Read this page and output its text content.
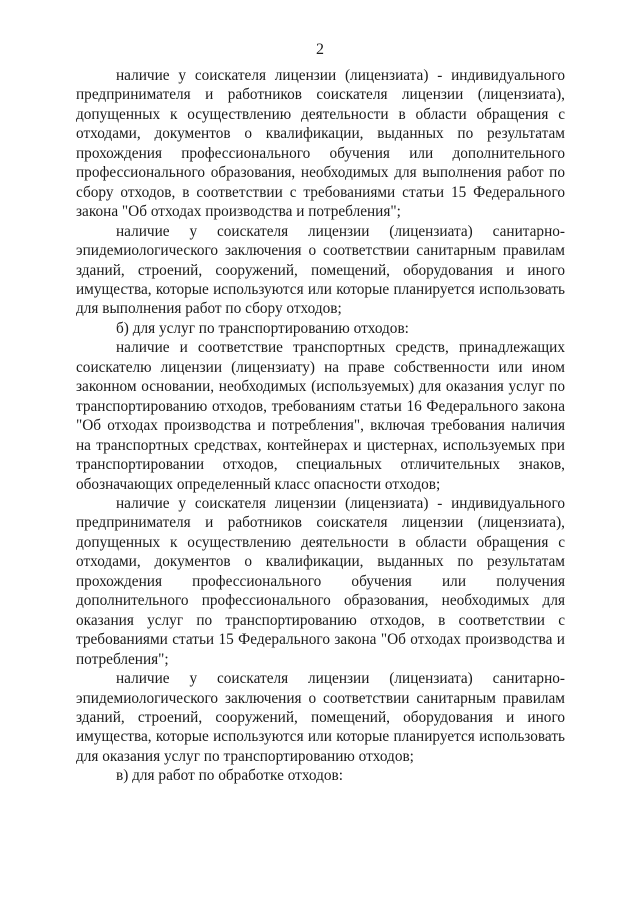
2

наличие у соискателя лицензии (лицензиата) - индивидуального предпринимателя и работников соискателя лицензии (лицензиата), допущенных к осуществлению деятельности в области обращения с отходами, документов о квалификации, выданных по результатам прохождения профессионального обучения или дополнительного профессионального образования, необходимых для выполнения работ по сбору отходов, в соответствии с требованиями статьи 15 Федерального закона "Об отходах производства и потребления";

наличие у соискателя лицензии (лицензиата) санитарно-эпидемиологического заключения о соответствии санитарным правилам зданий, строений, сооружений, помещений, оборудования и иного имущества, которые используются или которые планируется использовать для выполнения работ по сбору отходов;

б) для услуг по транспортированию отходов:

наличие и соответствие транспортных средств, принадлежащих соискателю лицензии (лицензиату) на праве собственности или ином законном основании, необходимых (используемых) для оказания услуг по транспортированию отходов, требованиям статьи 16 Федерального закона "Об отходах производства и потребления", включая требования наличия на транспортных средствах, контейнерах и цистернах, используемых при транспортировании отходов, специальных отличительных знаков, обозначающих определенный класс опасности отходов;

наличие у соискателя лицензии (лицензиата) - индивидуального предпринимателя и работников соискателя лицензии (лицензиата), допущенных к осуществлению деятельности в области обращения с отходами, документов о квалификации, выданных по результатам прохождения профессионального обучения или получения дополнительного профессионального образования, необходимых для оказания услуг по транспортированию отходов, в соответствии с требованиями статьи 15 Федерального закона "Об отходах производства и потребления";

наличие у соискателя лицензии (лицензиата) санитарно-эпидемиологического заключения о соответствии санитарным правилам зданий, строений, сооружений, помещений, оборудования и иного имущества, которые используются или которые планируется использовать для оказания услуг по транспортированию отходов;

в) для работ по обработке отходов:
